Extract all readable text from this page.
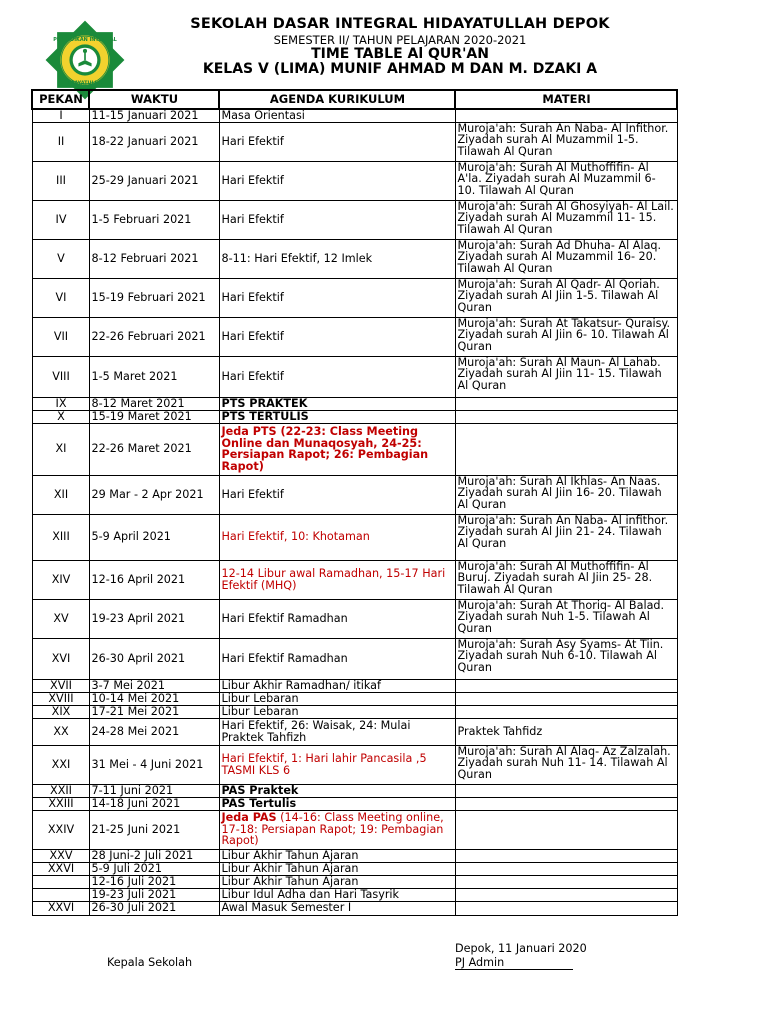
PENDIDIKAN INTEGRAL
HIDAYATULLAH
SEKOLAH DASAR INTEGRAL HIDAYATULLAH DEPOK
SEMESTER II/ TAHUN PELAJARAN 2020-2021
TIME TABLE Al QUR'AN
KELAS V (LIMA) MUNIF AHMAD M DAN M. DZAKI A
PEKAN	WAKTU	AGENDA KURIKULUM	MATERI
I	11-15 Januari 2021	Masa Orientasi	
II	18-22 Januari 2021	Hari Efektif	Muroja'ah: Surah An Naba- Al Infithor. Ziyadah surah Al Muzammil 1-5. Tilawah Al Quran
III	25-29 Januari 2021	Hari Efektif	Muroja'ah: Surah Al Muthoffifin- Al A'la. Ziyadah surah Al Muzammil 6- 10. Tilawah Al Quran
IV	1-5 Februari 2021	Hari Efektif	Muroja'ah: Surah Al Ghosyiyah- Al Lail. Ziyadah surah Al Muzammil 11- 15. Tilawah Al Quran
V	8-12 Februari 2021	8-11: Hari Efektif, 12 Imlek	Muroja'ah: Surah Ad Dhuha- Al Alaq. Ziyadah surah Al Muzammil 16- 20. Tilawah Al Quran
VI	15-19 Februari 2021	Hari Efektif	Muroja'ah: Surah Al Qadr- Al Qoriah. Ziyadah surah Al Jiin 1-5. Tilawah Al Quran
VII	22-26 Februari 2021	Hari Efektif	Muroja'ah: Surah At Takatsur- Quraisy. Ziyadah surah Al Jiin 6- 10. Tilawah Al Quran
VIII	1-5 Maret 2021	Hari Efektif	Muroja'ah: Surah Al Maun- Al Lahab. Ziyadah surah Al Jiin 11- 15. Tilawah Al Quran
IX	8-12 Maret 2021	PTS PRAKTEK	
X	15-19 Maret 2021	PTS TERTULIS	
XI	22-26 Maret 2021	Jeda PTS (22-23: Class Meeting Online dan Munaqosyah, 24-25: Persiapan Rapot; 26: Pembagian Rapot)	
XII	29 Mar - 2 Apr 2021	Hari Efektif	Muroja'ah: Surah Al Ikhlas- An Naas. Ziyadah surah Al Jiin 16- 20. Tilawah Al Quran
XIII	5-9 April 2021	Hari Efektif, 10: Khotaman	Muroja'ah: Surah An Naba- Al infithor. Ziyadah surah Al Jiin 21- 24. Tilawah Al Quran
XIV	12-16 April 2021	12-14 Libur awal Ramadhan, 15-17 Hari Efektif (MHQ)	Muroja'ah: Surah Al Muthoffifin- Al Buruj. Ziyadah surah Al Jiin 25- 28. Tilawah Al Quran
XV	19-23 April 2021	Hari Efektif Ramadhan	Muroja'ah: Surah At Thoriq- Al Balad. Ziyadah surah Nuh 1-5. Tilawah Al Quran
XVI	26-30 April 2021	Hari Efektif Ramadhan	Muroja'ah: Surah Asy Syams- At Tiin. Ziyadah surah Nuh 6-10. Tilawah Al Quran
XVII	3-7 Mei 2021	Libur Akhir Ramadhan/ itikaf	
XVIII	10-14 Mei 2021	Libur Lebaran	
XIX	17-21 Mei 2021	Libur Lebaran	
XX	24-28 Mei 2021	Hari Efektif, 26: Waisak, 24: Mulai Praktek Tahfizh	Praktek Tahfidz
XXI	31 Mei - 4 Juni 2021	Hari Efektif, 1: Hari lahir Pancasila ,5 TASMI KLS 6	Muroja'ah: Surah Al Alaq- Az Zalzalah. Ziyadah surah Nuh 11- 14. Tilawah Al Quran
XXII	7-11 Juni 2021	PAS Praktek	
XXIII	14-18 Juni 2021	PAS Tertulis	
XXIV	21-25 Juni 2021	Jeda PAS (14-16: Class Meeting online, 17-18: Persiapan Rapot; 19: Pembagian Rapot)	
XXV	28 Juni-2 Juli 2021	Libur Akhir Tahun Ajaran	
XXVI	5-9 Juli 2021	Libur Akhir Tahun Ajaran	
	12-16 Juli 2021	Libur Akhir Tahun Ajaran	
	19-23 Juli 2021	Libur Idul Adha dan Hari Tasyrik	
XXVI	26-30 Juli 2021	Awal Masuk Semester I	
Depok, 11 Januari 2020
PJ Admin
Kepala Sekolah
